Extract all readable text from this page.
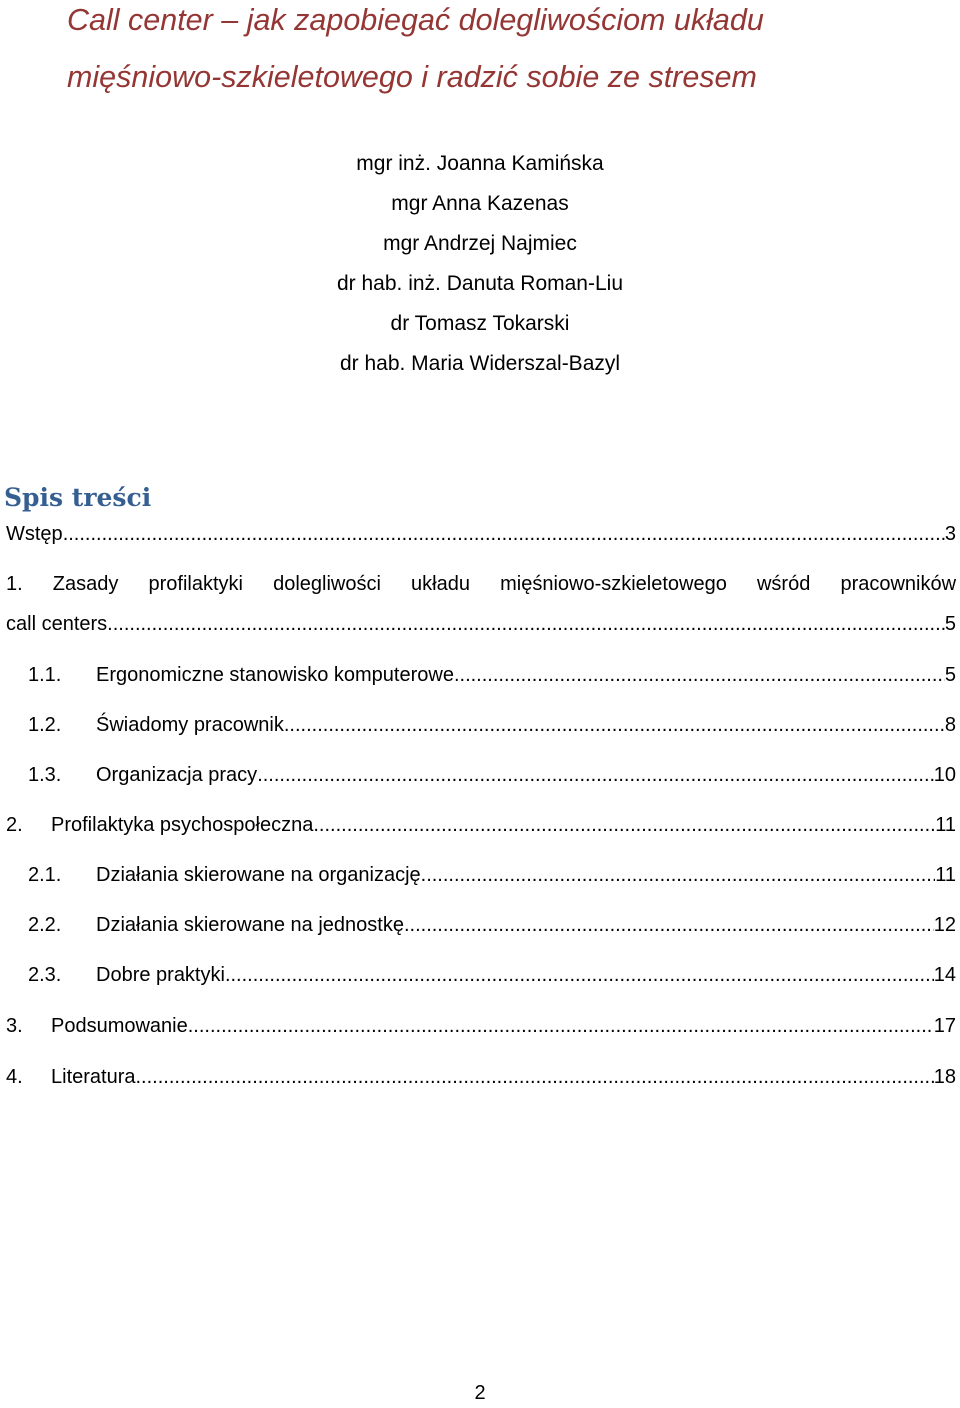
Call center – jak zapobiegać dolegliwościom układu
mięśniowo-szkieletowego i radzić sobie ze stresem
mgr inż. Joanna Kamińska
mgr Anna Kazenas
mgr Andrzej Najmiec
dr hab. inż. Danuta Roman-Liu
dr Tomasz Tokarski
dr hab. Maria Widerszal-Bazyl
Spis treści
Wstęp .....	3
1. Zasady profilaktyki dolegliwości układu mięśniowo-szkieletowego wśród pracowników
call centers .....	5
1.1.	Ergonomiczne stanowisko komputerowe .....	5
1.2.	Świadomy pracownik .....	8
1.3.	Organizacja pracy .....	10
2.	Profilaktyka psychospołeczna .....	11
2.1.	Działania skierowane na organizację .....	11
2.2.	Działania skierowane na jednostkę .....	12
2.3.	Dobre praktyki .....	14
3.	Podsumowanie .....	17
4.	Literatura .....	18
2
